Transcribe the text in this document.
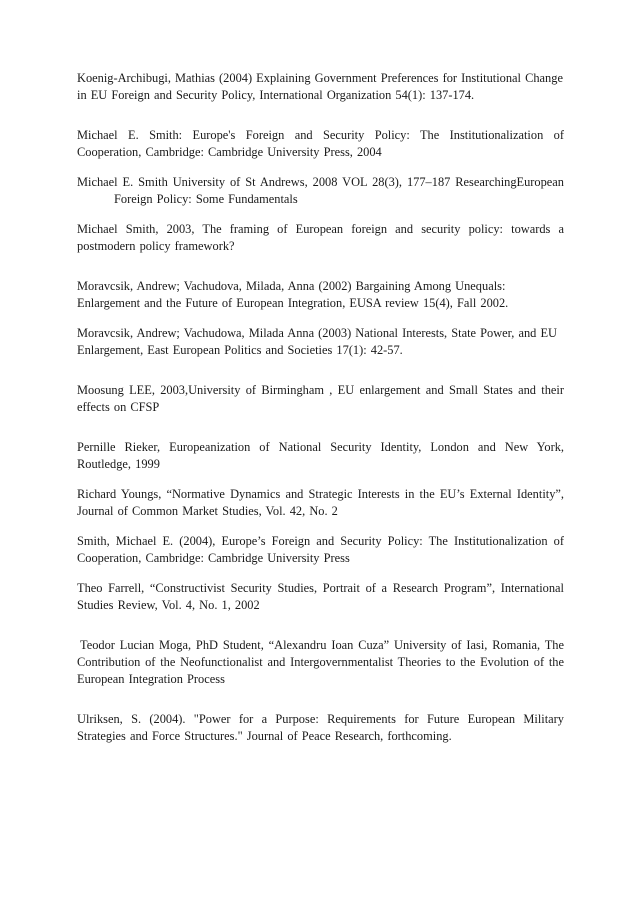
Koenig-Archibugi, Mathias (2004) Explaining Government Preferences for Institutional Change in EU Foreign and Security Policy, International Organization 54(1): 137-174.

Michael E. Smith: Europe's Foreign and Security Policy: The Institutionalization of Cooperation, Cambridge: Cambridge University Press, 2004

Michael E. Smith University of St Andrews, 2008 VOL 28(3), 177–187 ResearchingEuropean Foreign Policy: Some Fundamentals

Michael Smith, 2003, The framing of European foreign and security policy: towards a postmodern policy framework?

Moravcsik, Andrew; Vachudova, Milada, Anna (2002) Bargaining Among Unequals: Enlargement and the Future of European Integration, EUSA review 15(4), Fall 2002.

Moravcsik, Andrew; Vachudowa, Milada Anna (2003) National Interests, State Power, and EU Enlargement, East European Politics and Societies 17(1): 42-57.

Moosung LEE, 2003,University of Birmingham , EU enlargement and Small States and their effects on CFSP

Pernille Rieker, Europeanization of National Security Identity, London and New York, Routledge, 1999

Richard Youngs, “Normative Dynamics and Strategic Interests in the EU’s External Identity”, Journal of Common Market Studies, Vol. 42, No. 2

Smith, Michael E. (2004), Europe’s Foreign and Security Policy: The Institutionalization of Cooperation, Cambridge: Cambridge University Press

Theo Farrell, “Constructivist Security Studies, Portrait of a Research Program”, International Studies Review, Vol. 4, No. 1, 2002

Teodor Lucian Moga, PhD Student, “Alexandru Ioan Cuza” University of Iasi, Romania, The Contribution of the Neofunctionalist and Intergovernmentalist Theories to the Evolution of the European Integration Process

Ulriksen, S. (2004). "Power for a Purpose: Requirements for Future European Military Strategies and Force Structures." Journal of Peace Research, forthcoming.
